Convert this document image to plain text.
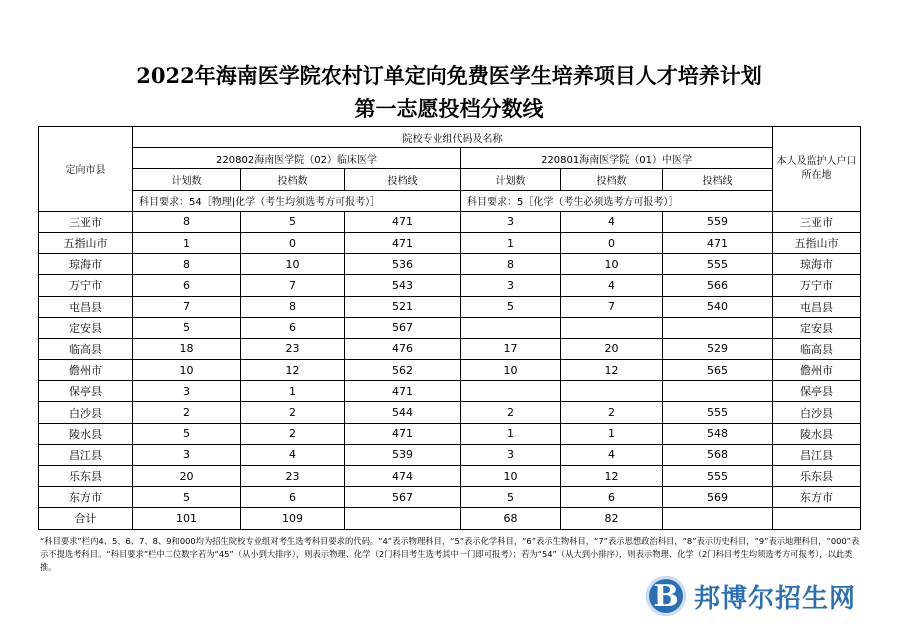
2022年海南医学院农村订单定向免费医学生培养项目人才培养计划
第一志愿投档分数线
定向市县	院校专业组代码及名称						本人及监护人户口所在地
	220802海南医学院（02）临床医学			220801海南医学院（01）中医学			
	计划数	投档数	投档线	计划数	投档数	投档线	
	科目要求：54［物理|化学（考生均须选考方可报考）］			科目要求：5［化学（考生必须选考方可报考）］			
三亚市	8	5	471	3	4	559	三亚市
五指山市	1	0	471	1	0	471	五指山市
琼海市	8	10	536	8	10	555	琼海市
万宁市	6	7	543	3	4	566	万宁市
屯昌县	7	8	521	5	7	540	屯昌县
定安县	5	6	567				定安县
临高县	18	23	476	17	20	529	临高县
儋州市	10	12	562	10	12	565	儋州市
保亭县	3	1	471				保亭县
白沙县	2	2	544	2	2	555	白沙县
陵水县	5	2	471	1	1	548	陵水县
昌江县	3	4	539	3	4	568	昌江县
乐东县	20	23	474	10	12	555	乐东县
东方市	5	6	567	5	6	569	东方市
合计	101	109		68	82		

“科目要求”栏内4、5、6、7、8、9和000均为招生院校专业组对考生选考科目要求的代码。“4”表示物理科目，“5”表示化学科目，“6”表示生物科目，“7”表示思想政治科目，“8”表示历史科目，“9”表示地理科目，“000”表示不提选考科目。“科目要求”栏中二位数字若为“45”（从小到大排序），则表示物理、化学（2门科目考生选考其中一门即可报考）；若为“54”（从大到小排序），则表示物理、化学（2门科目考生均须选考方可报考），以此类推。

B 邦博尔招生网
